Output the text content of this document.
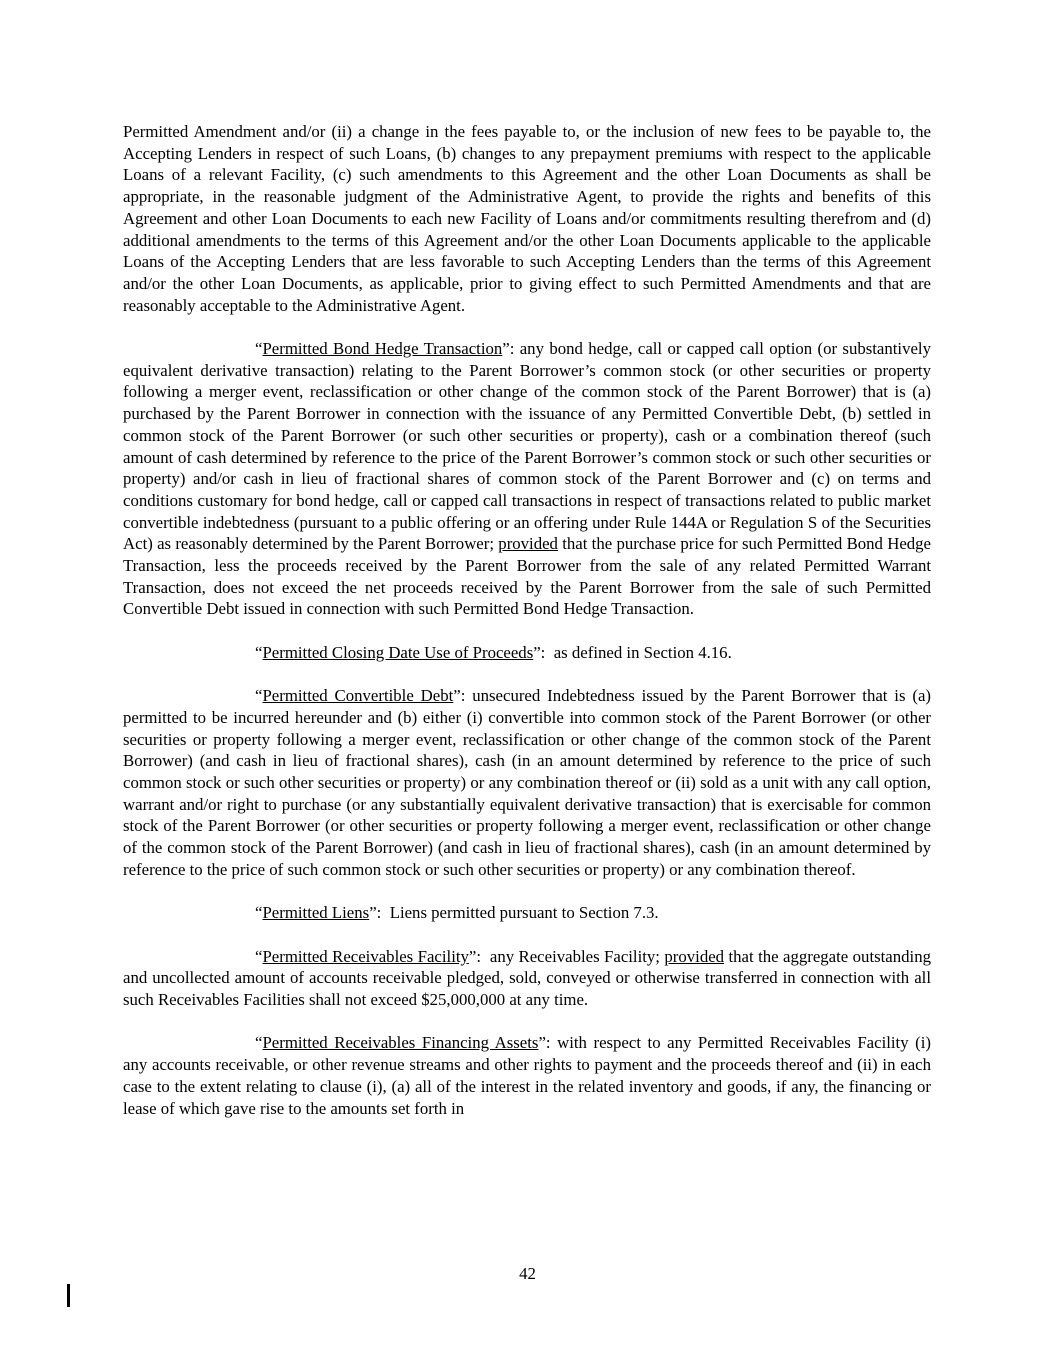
Permitted Amendment and/or (ii) a change in the fees payable to, or the inclusion of new fees to be payable to, the Accepting Lenders in respect of such Loans, (b) changes to any prepayment premiums with respect to the applicable Loans of a relevant Facility, (c) such amendments to this Agreement and the other Loan Documents as shall be appropriate, in the reasonable judgment of the Administrative Agent, to provide the rights and benefits of this Agreement and other Loan Documents to each new Facility of Loans and/or commitments resulting therefrom and (d) additional amendments to the terms of this Agreement and/or the other Loan Documents applicable to the applicable Loans of the Accepting Lenders that are less favorable to such Accepting Lenders than the terms of this Agreement and/or the other Loan Documents, as applicable, prior to giving effect to such Permitted Amendments and that are reasonably acceptable to the Administrative Agent.

“Permitted Bond Hedge Transaction”: any bond hedge, call or capped call option (or substantively equivalent derivative transaction) relating to the Parent Borrower’s common stock (or other securities or property following a merger event, reclassification or other change of the common stock of the Parent Borrower) that is (a) purchased by the Parent Borrower in connection with the issuance of any Permitted Convertible Debt, (b) settled in common stock of the Parent Borrower (or such other securities or property), cash or a combination thereof (such amount of cash determined by reference to the price of the Parent Borrower’s common stock or such other securities or property) and/or cash in lieu of fractional shares of common stock of the Parent Borrower and (c) on terms and conditions customary for bond hedge, call or capped call transactions in respect of transactions related to public market convertible indebtedness (pursuant to a public offering or an offering under Rule 144A or Regulation S of the Securities Act) as reasonably determined by the Parent Borrower; provided that the purchase price for such Permitted Bond Hedge Transaction, less the proceeds received by the Parent Borrower from the sale of any related Permitted Warrant Transaction, does not exceed the net proceeds received by the Parent Borrower from the sale of such Permitted Convertible Debt issued in connection with such Permitted Bond Hedge Transaction.

“Permitted Closing Date Use of Proceeds”:  as defined in Section 4.16.

“Permitted Convertible Debt”: unsecured Indebtedness issued by the Parent Borrower that is (a) permitted to be incurred hereunder and (b) either (i) convertible into common stock of the Parent Borrower (or other securities or property following a merger event, reclassification or other change of the common stock of the Parent Borrower) (and cash in lieu of fractional shares), cash (in an amount determined by reference to the price of such common stock or such other securities or property) or any combination thereof or (ii) sold as a unit with any call option, warrant and/or right to purchase (or any substantially equivalent derivative transaction) that is exercisable for common stock of the Parent Borrower (or other securities or property following a merger event, reclassification or other change of the common stock of the Parent Borrower) (and cash in lieu of fractional shares), cash (in an amount determined by reference to the price of such common stock or such other securities or property) or any combination thereof.

“Permitted Liens”:  Liens permitted pursuant to Section 7.3.

“Permitted Receivables Facility”:  any Receivables Facility; provided that the aggregate outstanding and uncollected amount of accounts receivable pledged, sold, conveyed or otherwise transferred in connection with all such Receivables Facilities shall not exceed $25,000,000 at any time.

“Permitted Receivables Financing Assets”: with respect to any Permitted Receivables Facility (i) any accounts receivable, or other revenue streams and other rights to payment and the proceeds thereof and (ii) in each case to the extent relating to clause (i), (a) all of the interest in the related inventory and goods, if any, the financing or lease of which gave rise to the amounts set forth in

42
